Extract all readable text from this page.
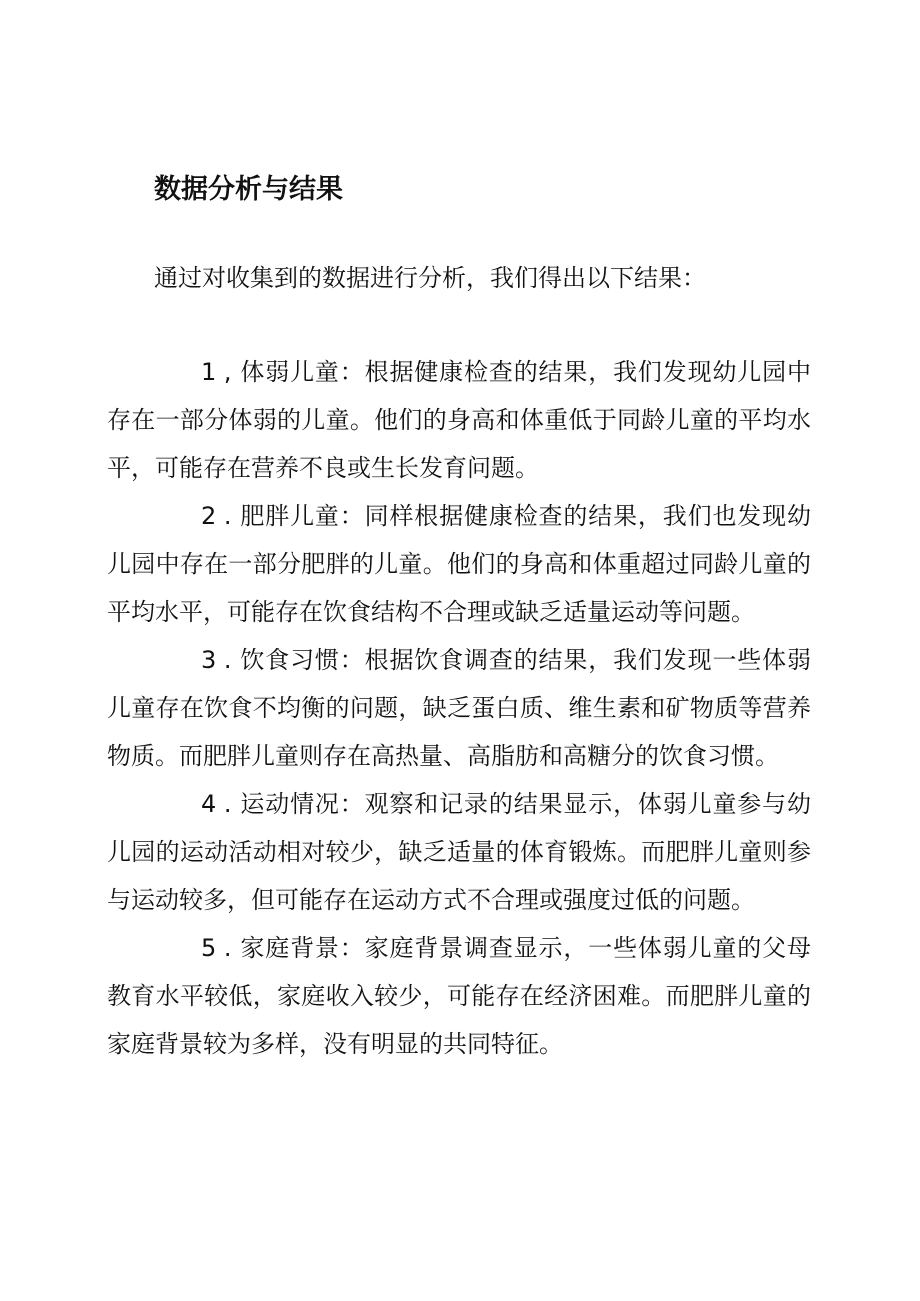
数据分析与结果

通过对收集到的数据进行分析，我们得出以下结果：

1 , 体弱儿童：根据健康检查的结果，我们发现幼儿园中存在一部分体弱的儿童。他们的身高和体重低于同龄儿童的平均水平，可能存在营养不良或生长发育问题。

2 . 肥胖儿童：同样根据健康检查的结果，我们也发现幼儿园中存在一部分肥胖的儿童。他们的身高和体重超过同龄儿童的平均水平，可能存在饮食结构不合理或缺乏适量运动等问题。

3 . 饮食习惯：根据饮食调查的结果，我们发现一些体弱儿童存在饮食不均衡的问题，缺乏蛋白质、维生素和矿物质等营养物质。而肥胖儿童则存在高热量、高脂肪和高糖分的饮食习惯。

4 . 运动情况：观察和记录的结果显示，体弱儿童参与幼儿园的运动活动相对较少，缺乏适量的体育锻炼。而肥胖儿童则参与运动较多，但可能存在运动方式不合理或强度过低的问题。

5 . 家庭背景：家庭背景调查显示，一些体弱儿童的父母教育水平较低，家庭收入较少，可能存在经济困难。而肥胖儿童的家庭背景较为多样，没有明显的共同特征。
